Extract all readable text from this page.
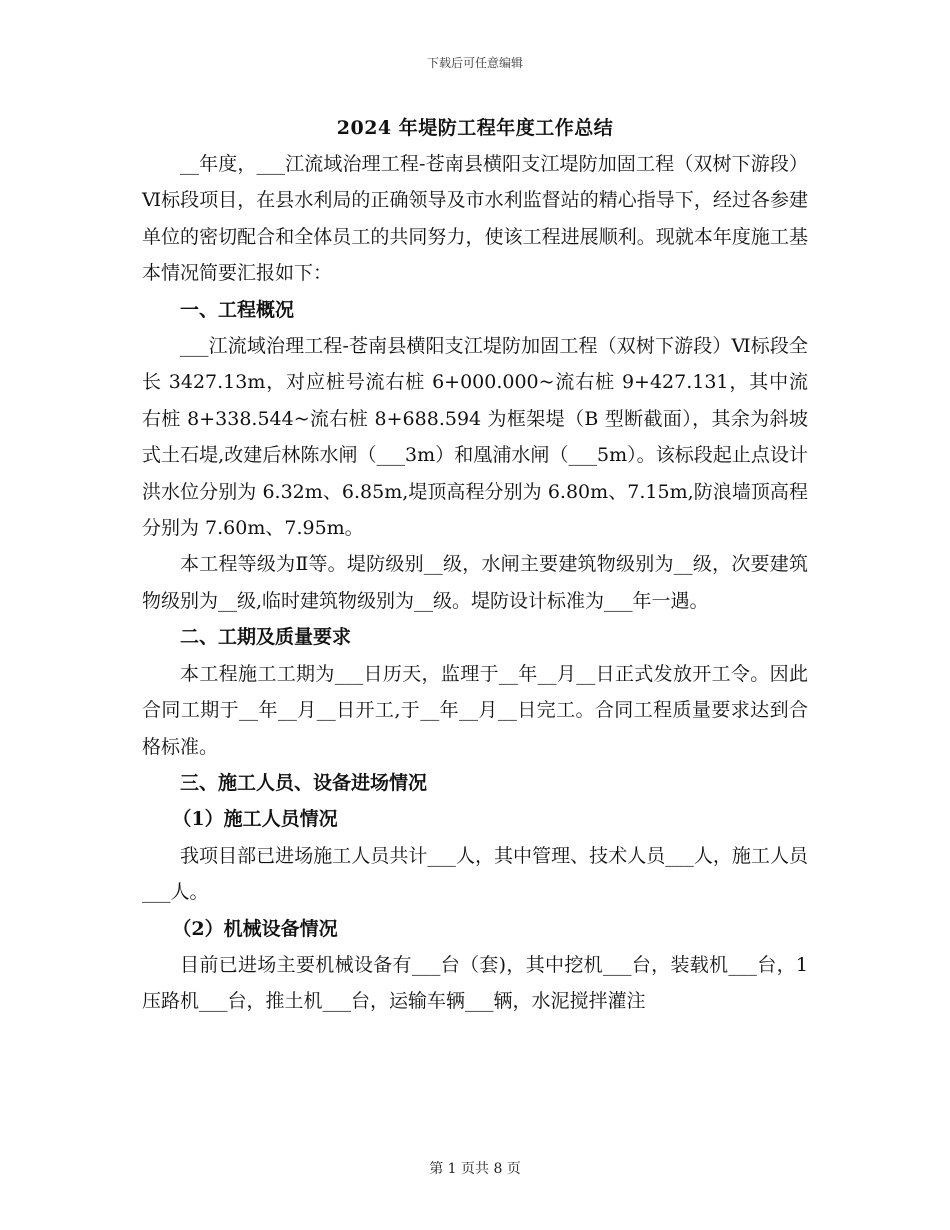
下载后可任意编辑
2024 年堤防工程年度工作总结

__年度，___江流域治理工程-苍南县横阳支江堤防加固工程（双树下游段）Ⅵ标段项目，在县水利局的正确领导及市水利监督站的精心指导下，经过各参建单位的密切配合和全体员工的共同努力，使该工程进展顺利。现就本年度施工基本情况简要汇报如下：

一、工程概况

___江流域治理工程-苍南县横阳支江堤防加固工程（双树下游段）Ⅵ标段全长 3427.13m，对应桩号流右桩 6+000.000~流右桩 9+427.131，其中流右桩 8+338.544~流右桩 8+688.594 为框架堤（B 型断截面），其余为斜坡式土石堤,改建后林陈水闸（___3m）和凰浦水闸（___5m）。该标段起止点设计洪水位分别为 6.32m、6.85m,堤顶高程分别为 6.80m、7.15m,防浪墙顶高程分别为 7.60m、7.95m。

本工程等级为Ⅱ等。堤防级别__级，水闸主要建筑物级别为__级，次要建筑物级别为__级,临时建筑物级别为__级。堤防设计标准为___年一遇。

二、工期及质量要求

本工程施工工期为___日历天，监理于__年__月__日正式发放开工令。因此合同工期于__年__月__日开工,于__年__月__日完工。合同工程质量要求达到合格标准。

三、施工人员、设备进场情况

（1）施工人员情况

我项目部已进场施工人员共计___人，其中管理、技术人员___人，施工人员___人。

（2）机械设备情况

目前已进场主要机械设备有___台（套)，其中挖机___台，装载机___台，1 压路机___台，推土机___台，运输车辆___辆，水泥搅拌灌注

第 1 页共 8 页
